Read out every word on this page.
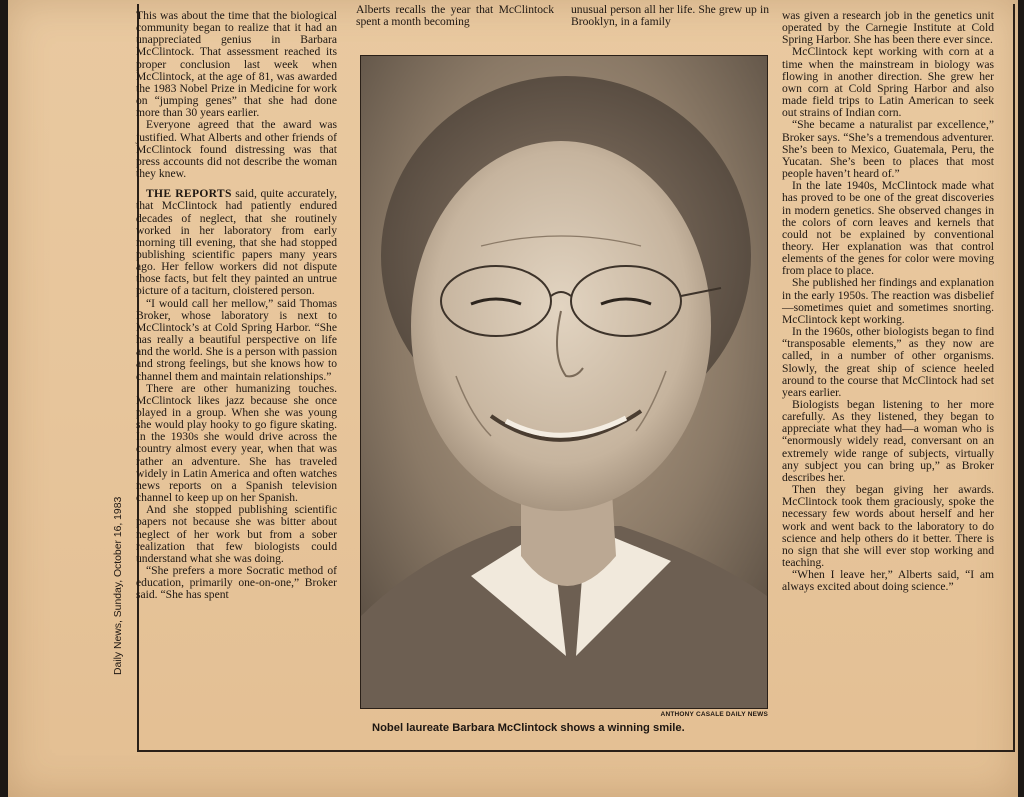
Daily News, Sunday, October 16, 1983

This was about the time that the biological community began to realize that it had an unappreciated genius in Barbara McClintock. That assessment reached its proper conclusion last week when McClintock, at the age of 81, was awarded the 1983 Nobel Prize in Medicine for work on “jumping genes” that she had done more than 30 years earlier.

Everyone agreed that the award was justified. What Alberts and other friends of McClintock found distressing was that press accounts did not describe the woman they knew.

THE REPORTS said, quite accurately, that McClintock had patiently endured decades of neglect, that she routinely worked in her laboratory from early morning till evening, that she had stopped publishing scientific papers many years ago. Her fellow workers did not dispute those facts, but felt they painted an untrue picture of a taciturn, cloistered person.

“I would call her mellow,” said Thomas Broker, whose laboratory is next to McClintock’s at Cold Spring Harbor. “She has really a beautiful perspective on life and the world. She is a person with passion and strong feelings, but she knows how to channel them and maintain relationships.”

There are other humanizing touches. McClintock likes jazz because she once played in a group. When she was young she would play hooky to go figure skating. In the 1930s she would drive across the country almost every year, when that was rather an adventure. She has traveled widely in Latin America and often watches news reports on a Spanish television channel to keep up on her Spanish.

And she stopped publishing scientific papers not because she was bitter about neglect of her work but from a sober realization that few biologists could understand what she was doing.

“She prefers a more Socratic method of education, primarily one-on-one,” Broker said. “She has spent

Alberts recalls the year that McClintock spent a month becoming
unusual person all her life. She grew up in Brooklyn, in a family
ANTHONY CASALE DAILY NEWS
Nobel laureate Barbara McClintock shows a winning smile.

was given a research job in the genetics unit operated by the Carnegie Institute at Cold Spring Harbor. She has been there ever since.

McClintock kept working with corn at a time when the mainstream in biology was flowing in another direction. She grew her own corn at Cold Spring Harbor and also made field trips to Latin American to seek out strains of Indian corn.

“She became a naturalist par excellence,” Broker says. “She’s a tremendous adventurer. She’s been to Mexico, Guatemala, Peru, the Yucatan. She’s been to places that most people haven’t heard of.”

In the late 1940s, McClintock made what has proved to be one of the great discoveries in modern genetics. She observed changes in the colors of corn leaves and kernels that could not be explained by conventional theory. Her explanation was that control elements of the genes for color were moving from place to place.

She published her findings and explanation in the early 1950s. The reaction was disbelief—sometimes quiet and sometimes snorting. McClintock kept working.

In the 1960s, other biologists began to find “transposable elements,” as they now are called, in a number of other organisms. Slowly, the great ship of science heeled around to the course that McClintock had set years earlier.

Biologists began listening to her more carefully. As they listened, they began to appreciate what they had—a woman who is “enormously widely read, conversant on an extremely wide range of subjects, virtually any subject you can bring up,” as Broker describes her.

Then they began giving her awards. McClintock took them graciously, spoke the necessary few words about herself and her work and went back to the laboratory to do science and help others do it better. There is no sign that she will ever stop working and teaching.

“When I leave her,” Alberts said, “I am always excited about doing science.”
